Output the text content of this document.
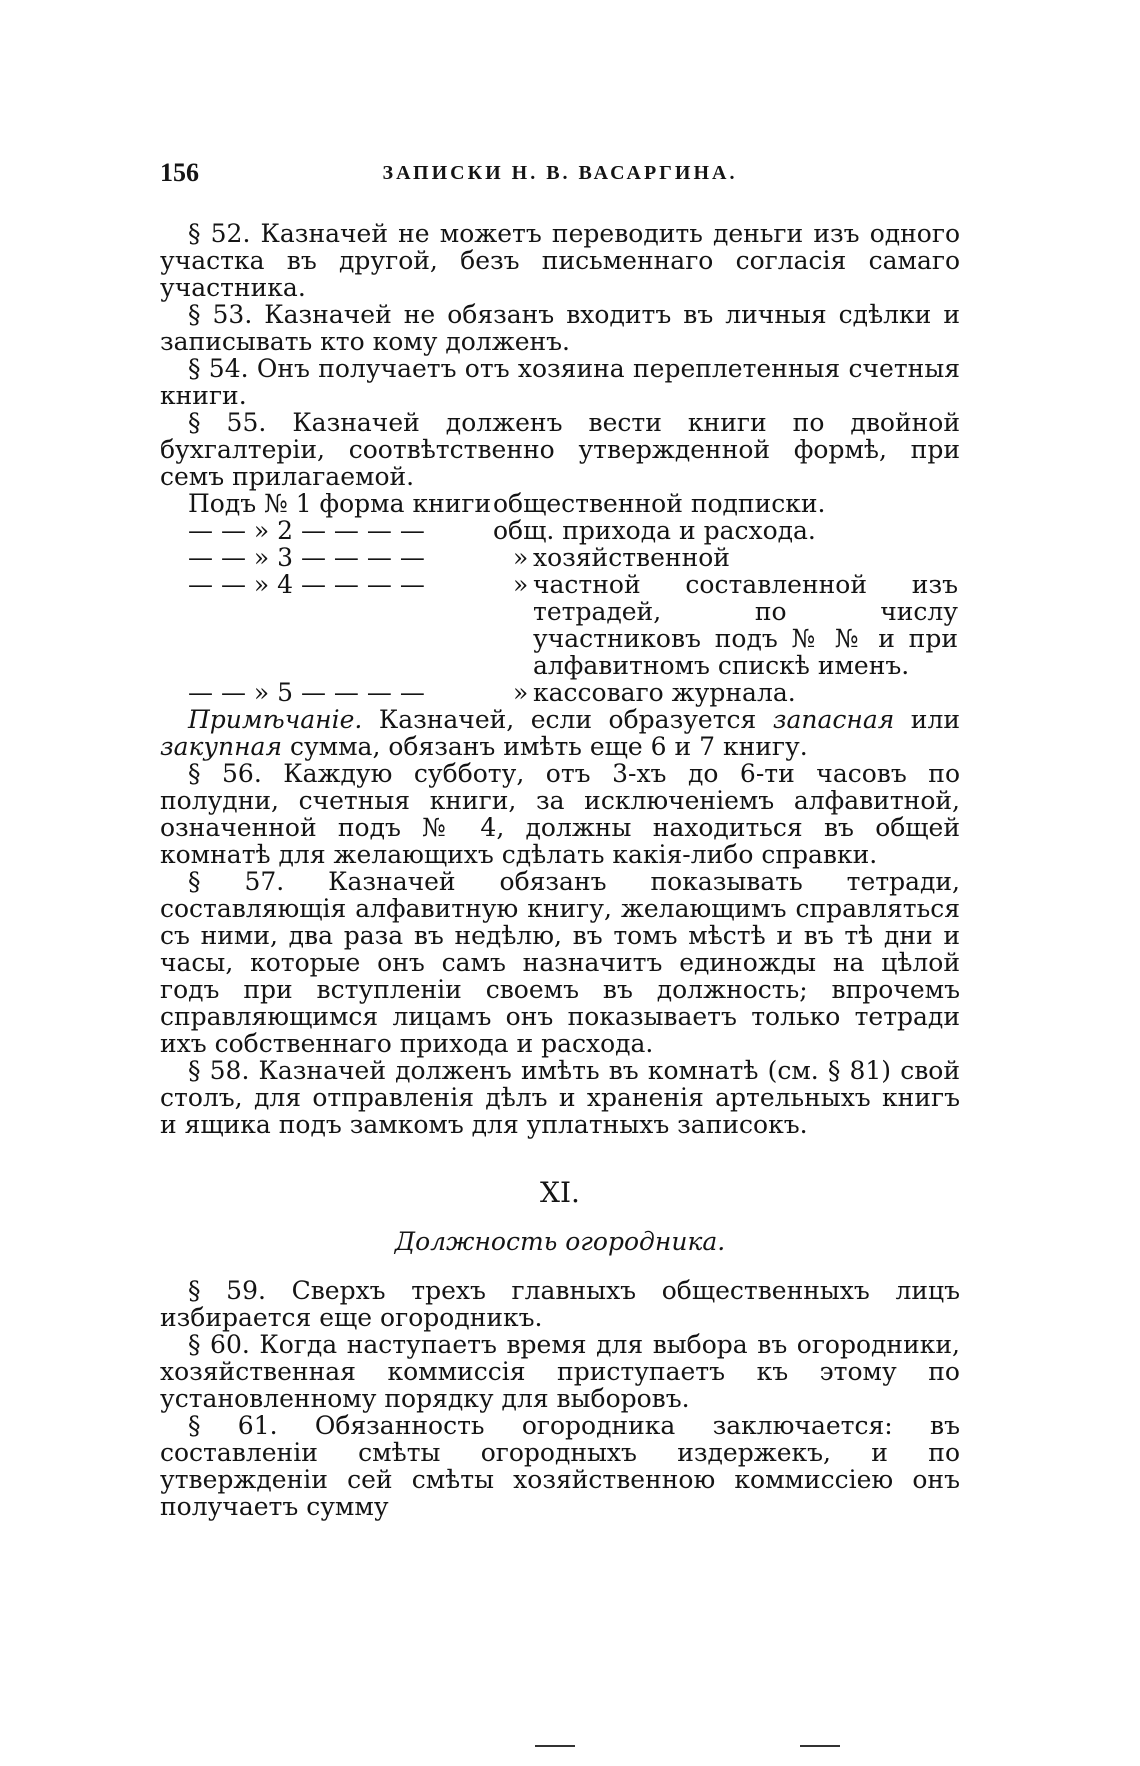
156	ЗАПИСКИ Н. В. ВАСАРГИНА.

§ 52. Казначей не можетъ переводить деньги изъ одного участка въ другой, безъ письменнаго согласія самаго участника.

§ 53. Казначей не обязанъ входитъ въ личныя сдѣлки и записывать кто кому долженъ.

§ 54. Онъ получаетъ отъ хозяина переплетенныя счетныя книги.

§ 55. Казначей долженъ вести книги по двойной бухгалтеріи, соотвѣтственно утвержденной формѣ, при семъ прилагаемой.

Подъ № 1 форма книги общественной подписки.
— — » 2 — — — —	общ. прихода и расхода.
— — » 3 — — — —	» хозяйственной
— — » 4 — — — —	» частной составленной изъ тетрадей, по числу участниковъ подъ № № и при алфавитномъ спискѣ именъ.
— — » 5 — — — —	» кассоваго журнала.

Примѣчаніе. Казначей, если образуется запасная или закупная сумма, обязанъ имѣть еще 6 и 7 книгу.

§ 56. Каждую субботу, отъ 3-хъ до 6-ти часовъ по полудни, счетныя книги, за исключеніемъ алфавитной, означенной подъ № 4, должны находиться въ общей комнатѣ для желающихъ сдѣлать какія-либо справки.

§ 57. Казначей обязанъ показывать тетради, составляющія алфавитную книгу, желающимъ справляться съ ними, два раза въ недѣлю, въ томъ мѣстѣ и въ тѣ дни и часы, которые онъ самъ назначитъ единожды на цѣлой годъ при вступленіи своемъ въ должность; впрочемъ справляющимся лицамъ онъ показываетъ только тетради ихъ собственнаго прихода и расхода.

§ 58. Казначей долженъ имѣть въ комнатѣ (см. § 81) свой столъ, для отправленія дѣлъ и храненія артельныхъ книгъ и ящика подъ замкомъ для уплатныхъ записокъ.

XI.
Должность огородника.

§ 59. Сверхъ трехъ главныхъ общественныхъ лицъ избирается еще огородникъ.

§ 60. Когда наступаетъ время для выбора въ огородники, хозяйственная коммиссія приступаетъ къ этому по установленному порядку для выборовъ.

§ 61. Обязанность огородника заключается: въ составленіи смѣты огородныхъ издержекъ, и по утвержденіи сей смѣты хозяйственною коммиссіею онъ получаетъ сумму
